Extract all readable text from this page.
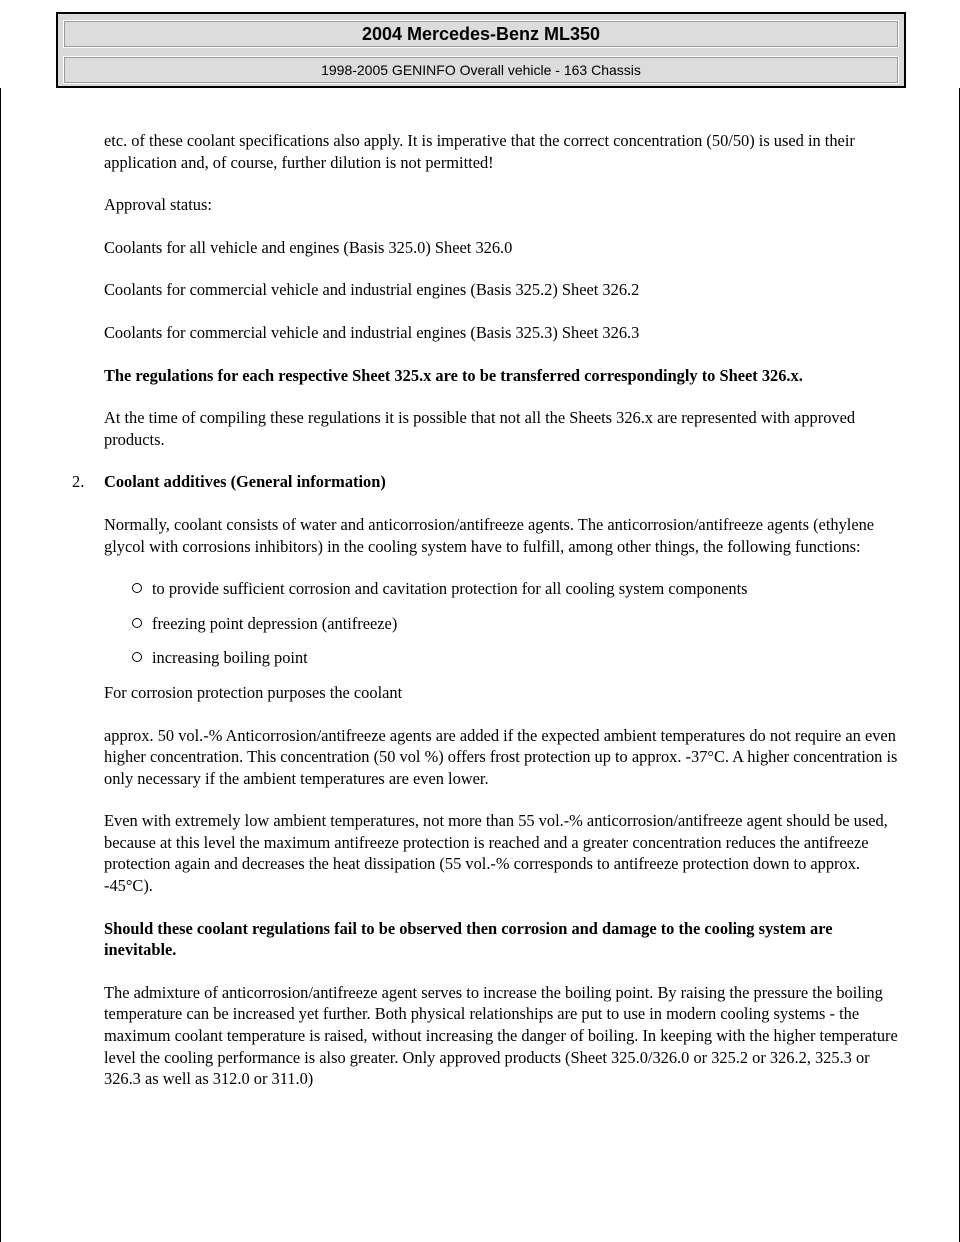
2004 Mercedes-Benz ML350
1998-2005 GENINFO Overall vehicle - 163 Chassis

etc. of these coolant specifications also apply. It is imperative that the correct concentration (50/50) is used in their application and, of course, further dilution is not permitted!

Approval status:

Coolants for all vehicle and engines (Basis 325.0) Sheet 326.0

Coolants for commercial vehicle and industrial engines (Basis 325.2) Sheet 326.2

Coolants for commercial vehicle and industrial engines (Basis 325.3) Sheet 326.3

The regulations for each respective Sheet 325.x are to be transferred correspondingly to Sheet 326.x.

At the time of compiling these regulations it is possible that not all the Sheets 326.x are represented with approved products.

2. Coolant additives (General information)

Normally, coolant consists of water and anticorrosion/antifreeze agents. The anticorrosion/antifreeze agents (ethylene glycol with corrosions inhibitors) in the cooling system have to fulfill, among other things, the following functions:

to provide sufficient corrosion and cavitation protection for all cooling system components
freezing point depression (antifreeze)
increasing boiling point

For corrosion protection purposes the coolant

approx. 50 vol.-% Anticorrosion/antifreeze agents are added if the expected ambient temperatures do not require an even higher concentration. This concentration (50 vol %) offers frost protection up to approx. -37°C. A higher concentration is only necessary if the ambient temperatures are even lower.

Even with extremely low ambient temperatures, not more than 55 vol.-% anticorrosion/antifreeze agent should be used, because at this level the maximum antifreeze protection is reached and a greater concentration reduces the antifreeze protection again and decreases the heat dissipation (55 vol.-% corresponds to antifreeze protection down to approx. -45°C).

Should these coolant regulations fail to be observed then corrosion and damage to the cooling system are inevitable.

The admixture of anticorrosion/antifreeze agent serves to increase the boiling point. By raising the pressure the boiling temperature can be increased yet further. Both physical relationships are put to use in modern cooling systems - the maximum coolant temperature is raised, without increasing the danger of boiling. In keeping with the higher temperature level the cooling performance is also greater. Only approved products (Sheet 325.0/326.0 or 325.2 or 326.2, 325.3 or 326.3 as well as 312.0 or 311.0)
